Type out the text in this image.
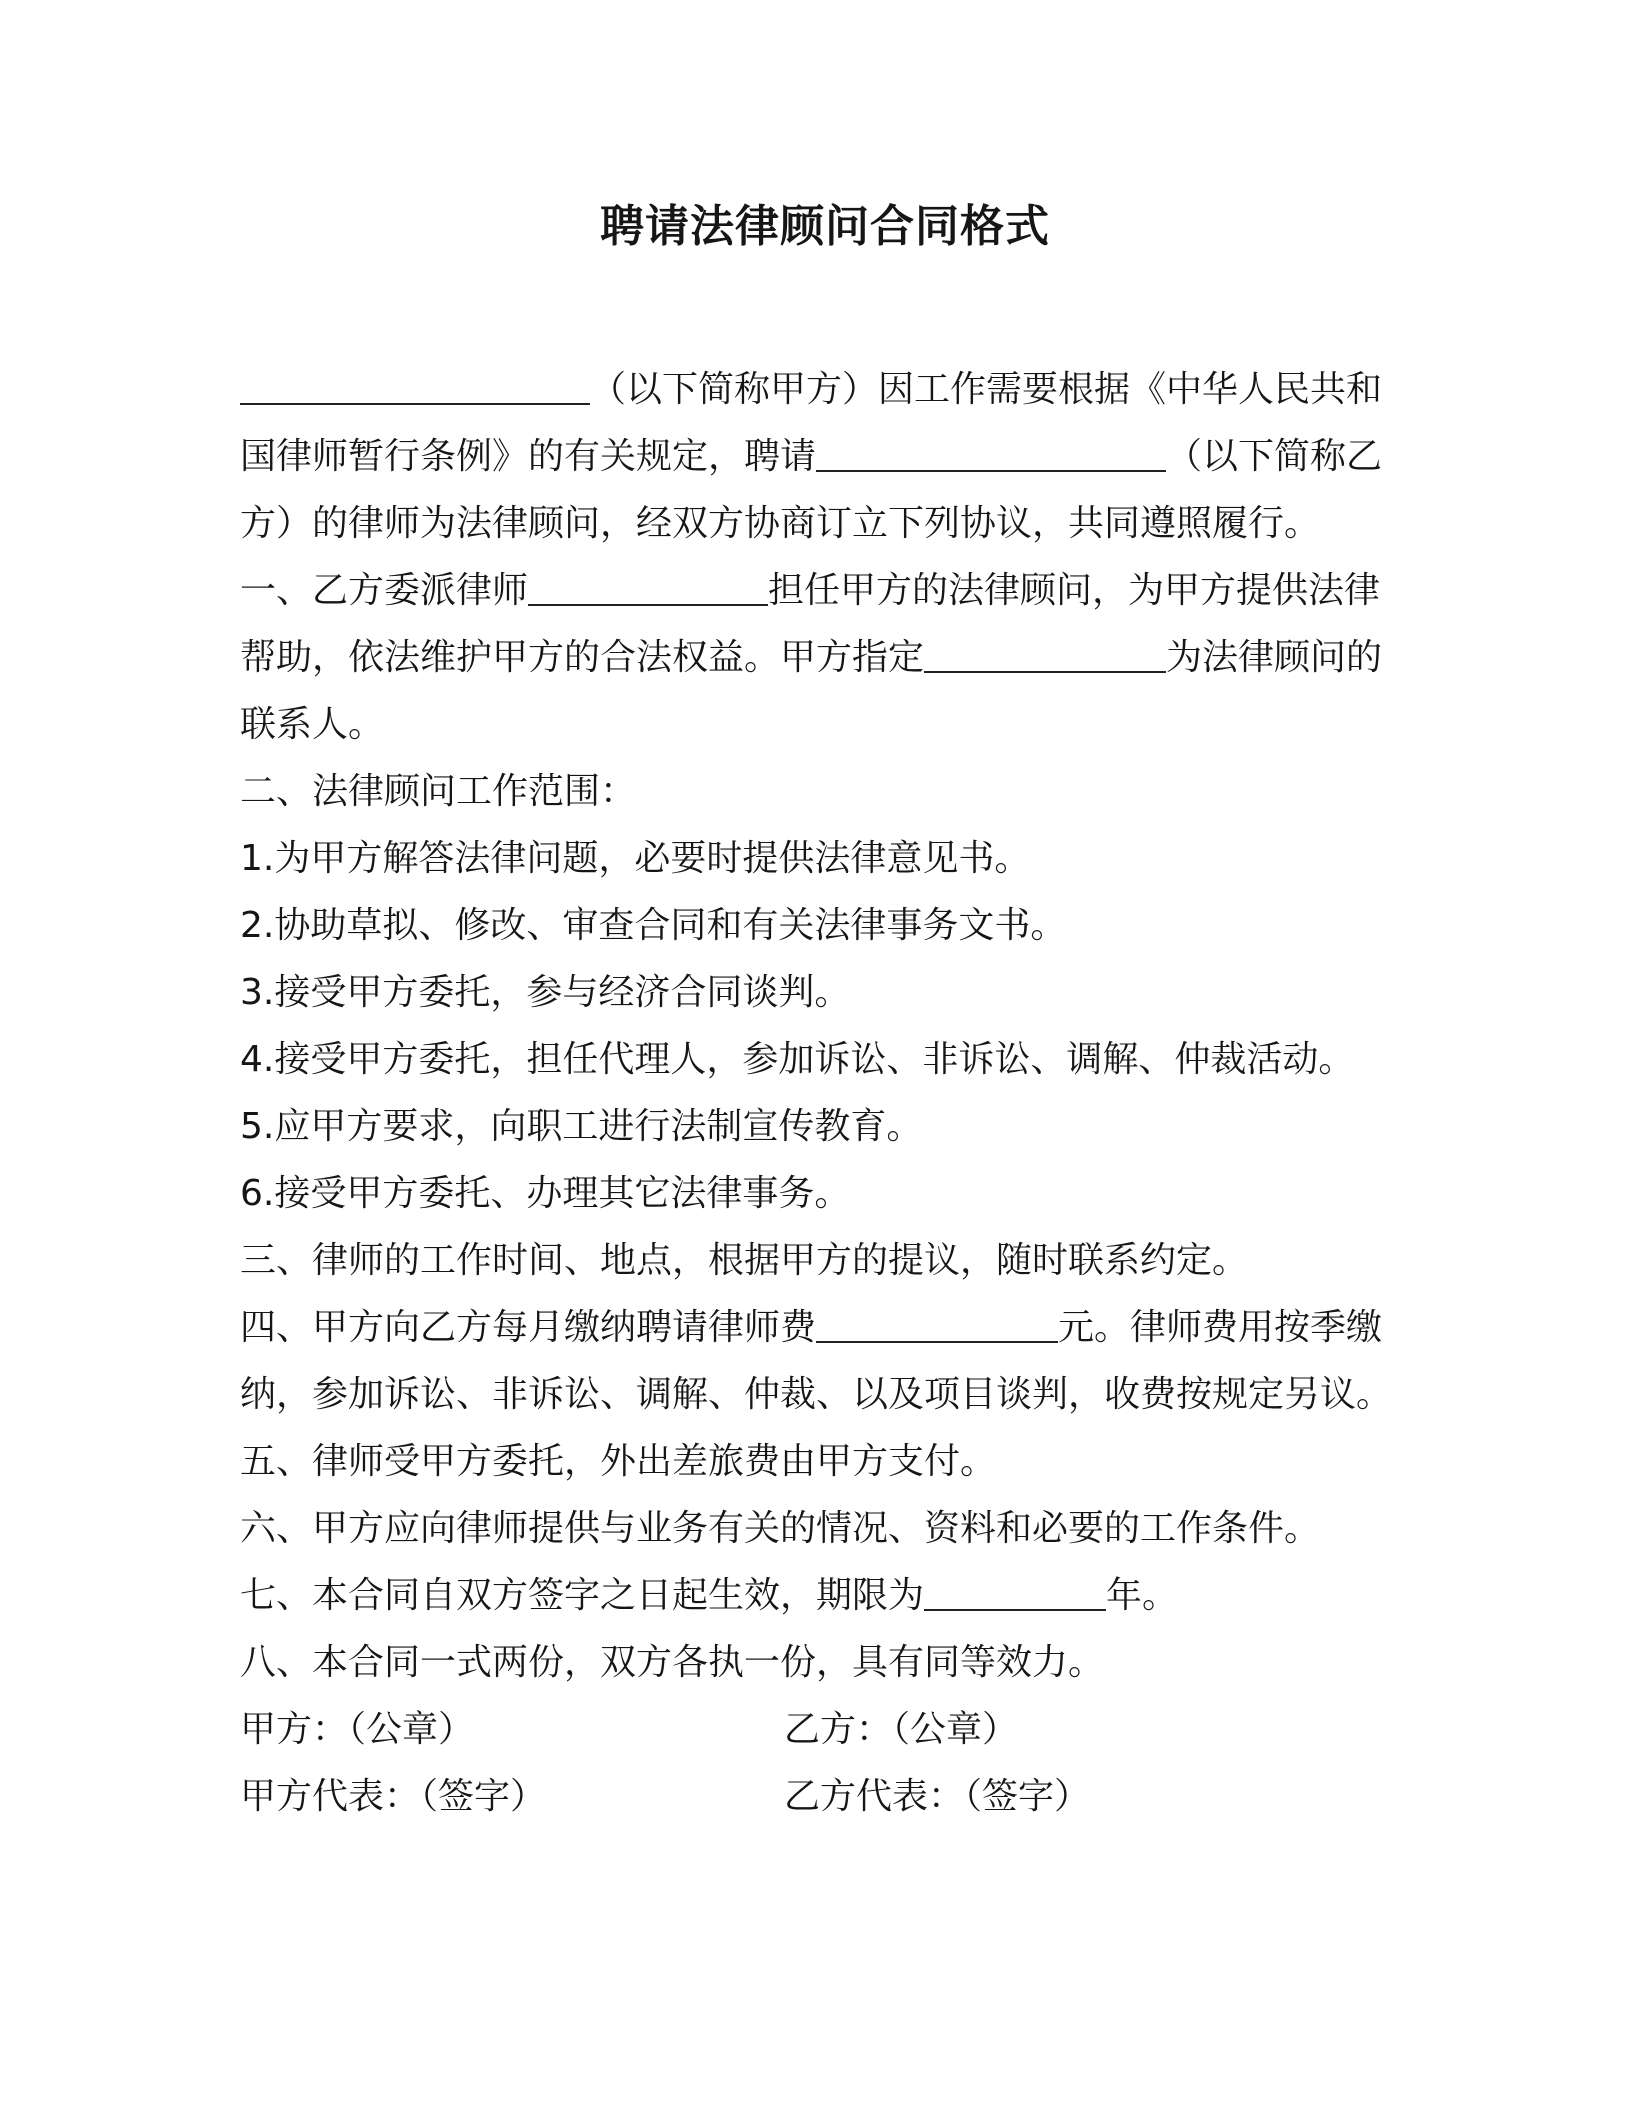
聘请法律顾问合同格式

（以下简称甲方）因工作需要根据《中华人民共和国律师暂行条例》的有关规定，聘请	（以下简称乙方）的律师为法律顾问，经双方协商订立下列协议，共同遵照履行。

一、乙方委派律师	担任甲方的法律顾问，为甲方提供法律帮助，依法维护甲方的合法权益。甲方指定	为法律顾问的联系人。

二、法律顾问工作范围：

1.为甲方解答法律问题，必要时提供法律意见书。

2.协助草拟、修改、审查合同和有关法律事务文书。

3.接受甲方委托，参与经济合同谈判。

4.接受甲方委托，担任代理人，参加诉讼、非诉讼、调解、仲裁活动。

5.应甲方要求，向职工进行法制宣传教育。

6.接受甲方委托、办理其它法律事务。

三、律师的工作时间、地点，根据甲方的提议，随时联系约定。

四、甲方向乙方每月缴纳聘请律师费	元。律师费用按季缴纳，参加诉讼、非诉讼、调解、仲裁、以及项目谈判，收费按规定另议。

五、律师受甲方委托，外出差旅费由甲方支付。

六、甲方应向律师提供与业务有关的情况、资料和必要的工作条件。

七、本合同自双方签字之日起生效，期限为	年。

八、本合同一式两份，双方各执一份，具有同等效力。

甲方：（公章）	乙方：（公章）
甲方代表：（签字）	乙方代表：（签字）
